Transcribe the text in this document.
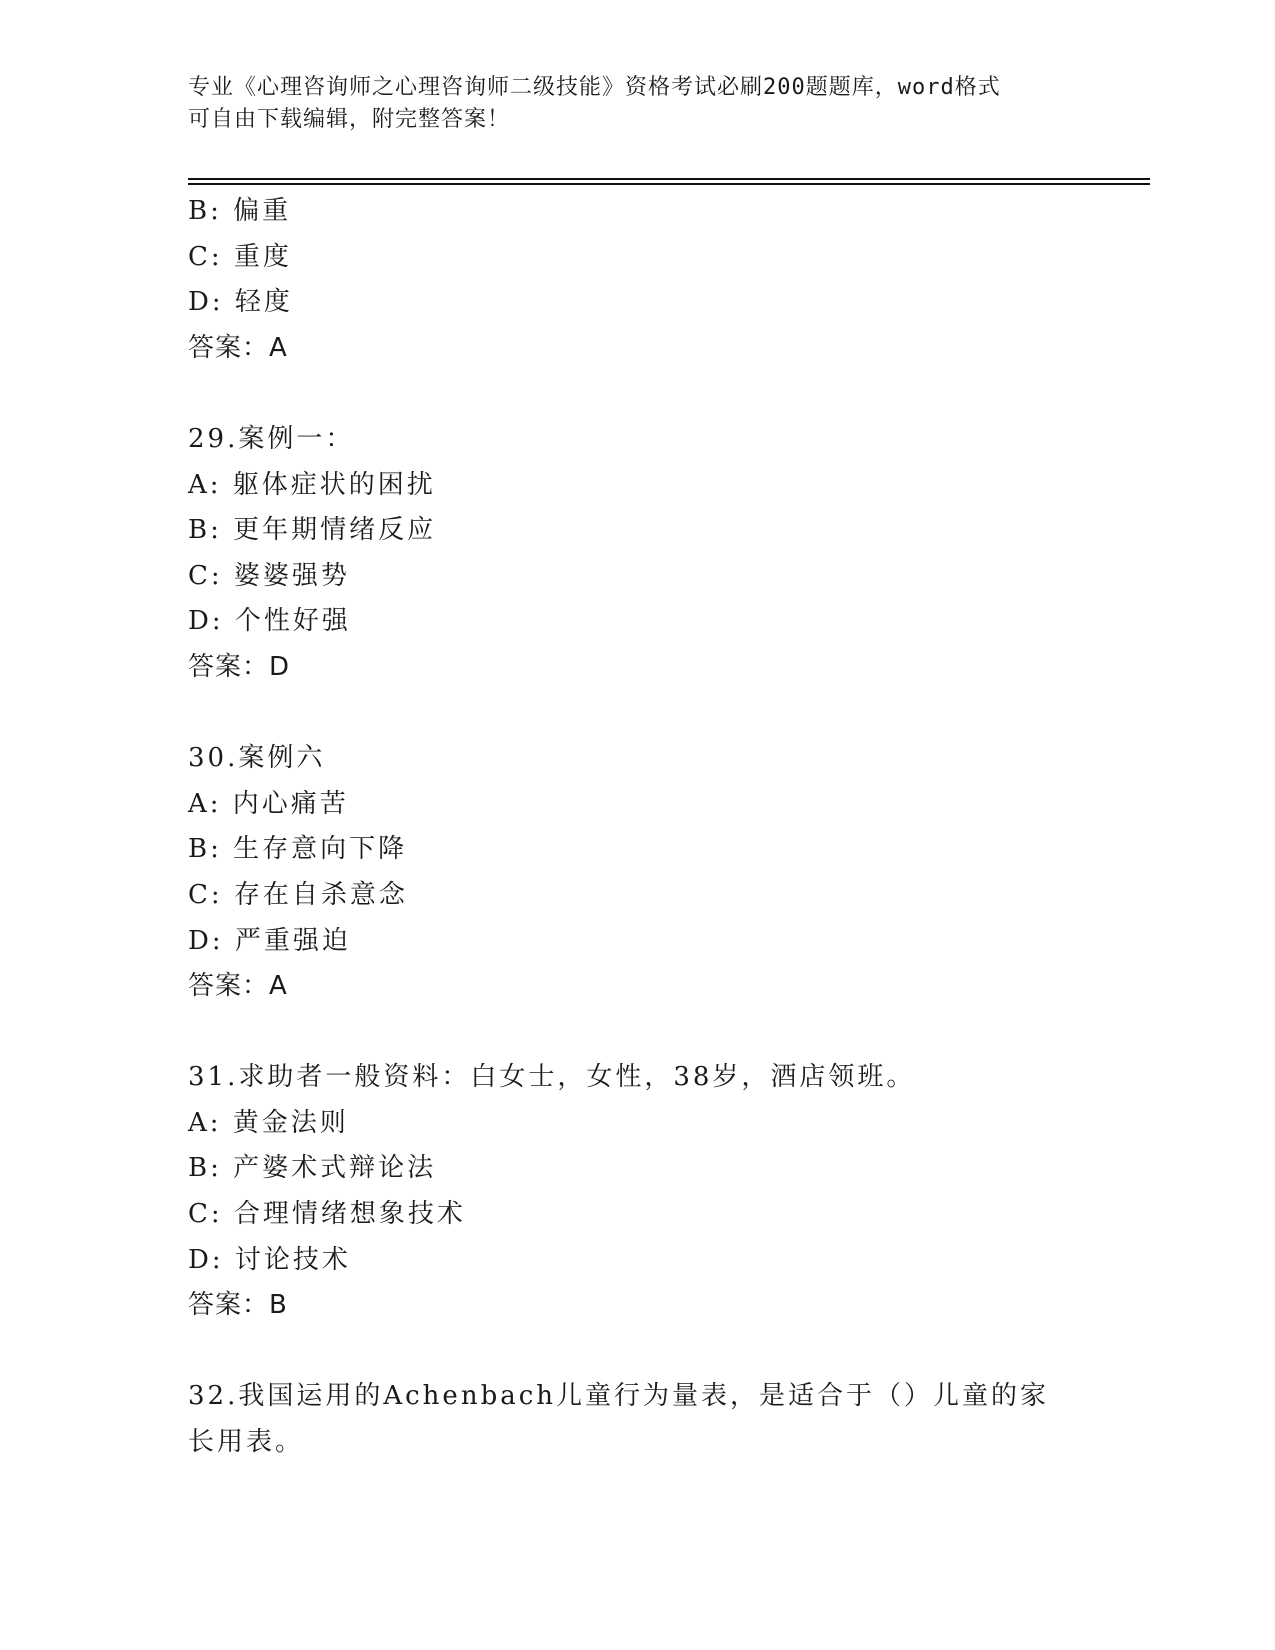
专业《心理咨询师之心理咨询师二级技能》资格考试必刷200题题库，word格式
可自由下载编辑，附完整答案！
B: 偏重
C: 重度
D: 轻度
答案：A
29.案例一：
A: 躯体症状的困扰
B: 更年期情绪反应
C: 婆婆强势
D: 个性好强
答案：D
30.案例六
A: 内心痛苦
B: 生存意向下降
C: 存在自杀意念
D: 严重强迫
答案：A
31.求助者一般资料：白女士，女性，38岁，酒店领班。
A: 黄金法则
B: 产婆术式辩论法
C: 合理情绪想象技术
D: 讨论技术
答案：B
32.我国运用的Achenbach儿童行为量表，是适合于（）儿童的家长用表。
